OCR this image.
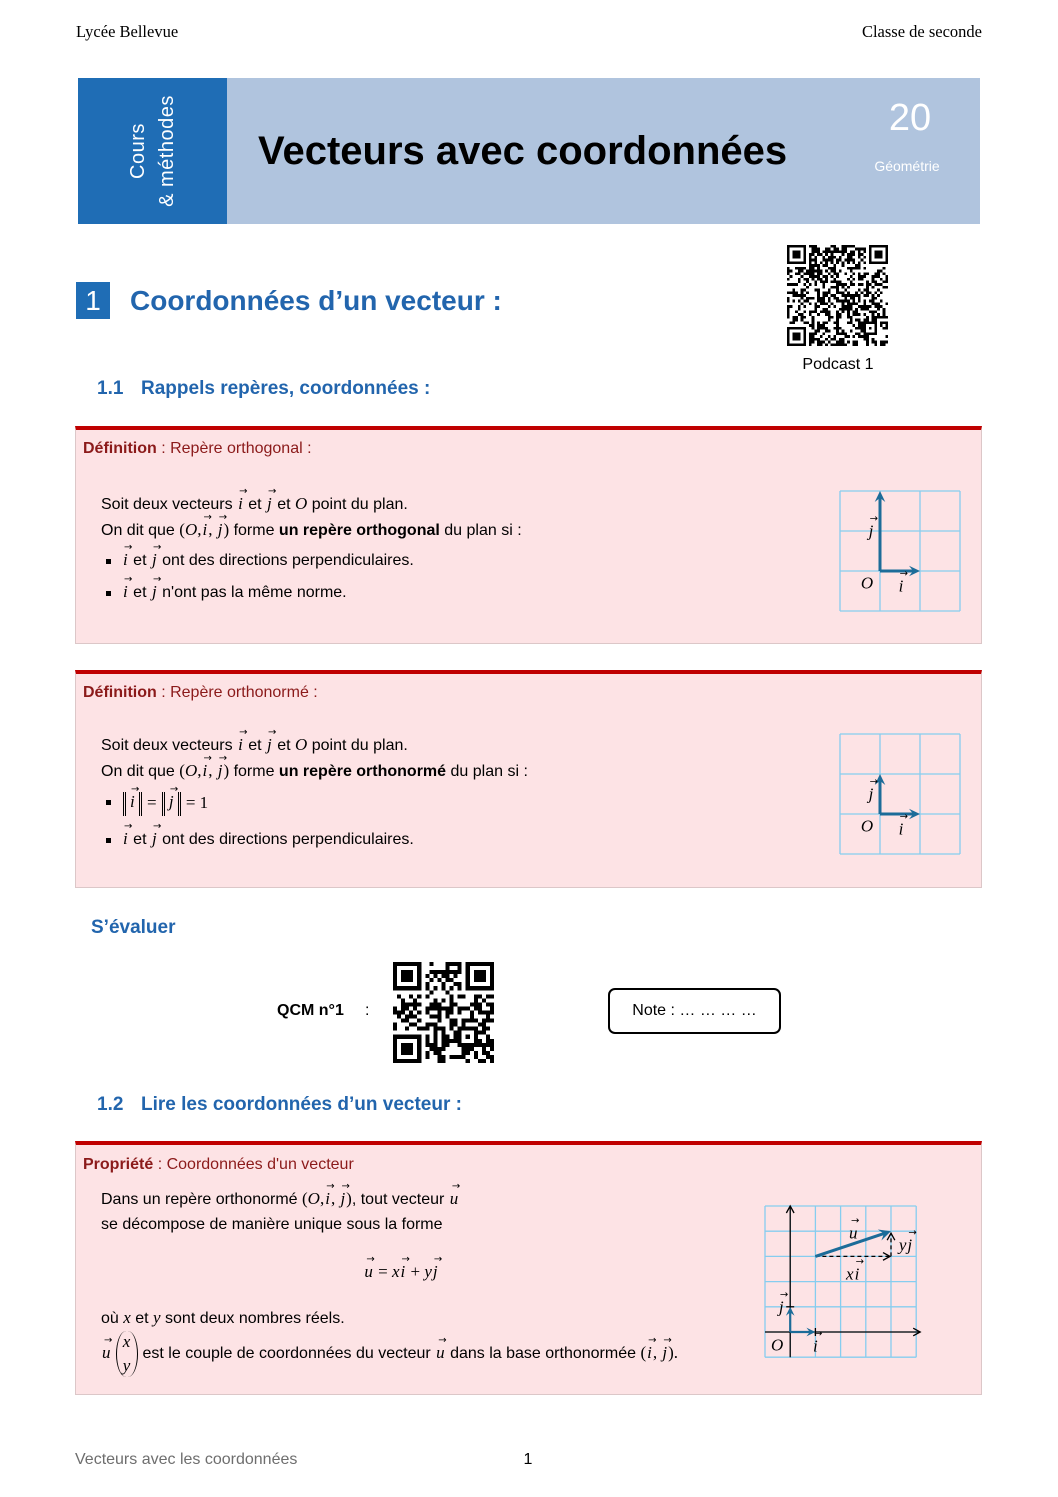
Lycée Bellevue	Classe de seconde
Cours & méthodes Vecteurs avec coordonnées
20
Géométrie
1	Coordonnées d’un vecteur :
Podcast 1
1.1 Rappels repères, coordonnées :
Définition : Repère orthogonal :
Soit deux vecteurs → i et → j et O point du plan.
On dit que (O,→ i, → j) forme un repère orthogonal du plan si :
→ i et → j ont des directions perpendiculaires.
→ i et → j n'ont pas la même norme.	O → i
→ j
Définition : Repère orthonormé :
Soit deux vecteurs → i et → j et O point du plan.
On dit que (O,→ i, → j) forme un repère orthonormé du plan si :
→ i = → j = 1
→ i et → j ont des directions perpendiculaires.
O → i
→ j
S’évaluer
QCM n°1 :	Note : … … … …
1.2 Lire les coordonnées d’un vecteur :
Propriété : Coordonnées d'un vecteur
Dans un repère orthonormé (O,→ i, → j), tout vecteur → u
se décompose de manière unique sous la forme
→ u = x→ i + y→ j
où x et y sont deux nombres réels.
→ u
x
y
est le couple de coordonnées du vecteur → u dans la base orthonormée (→ i, → j).	O → i
→ j
→ u
x→ i
y→ j
Vecteurs avec les coordonnées	1
